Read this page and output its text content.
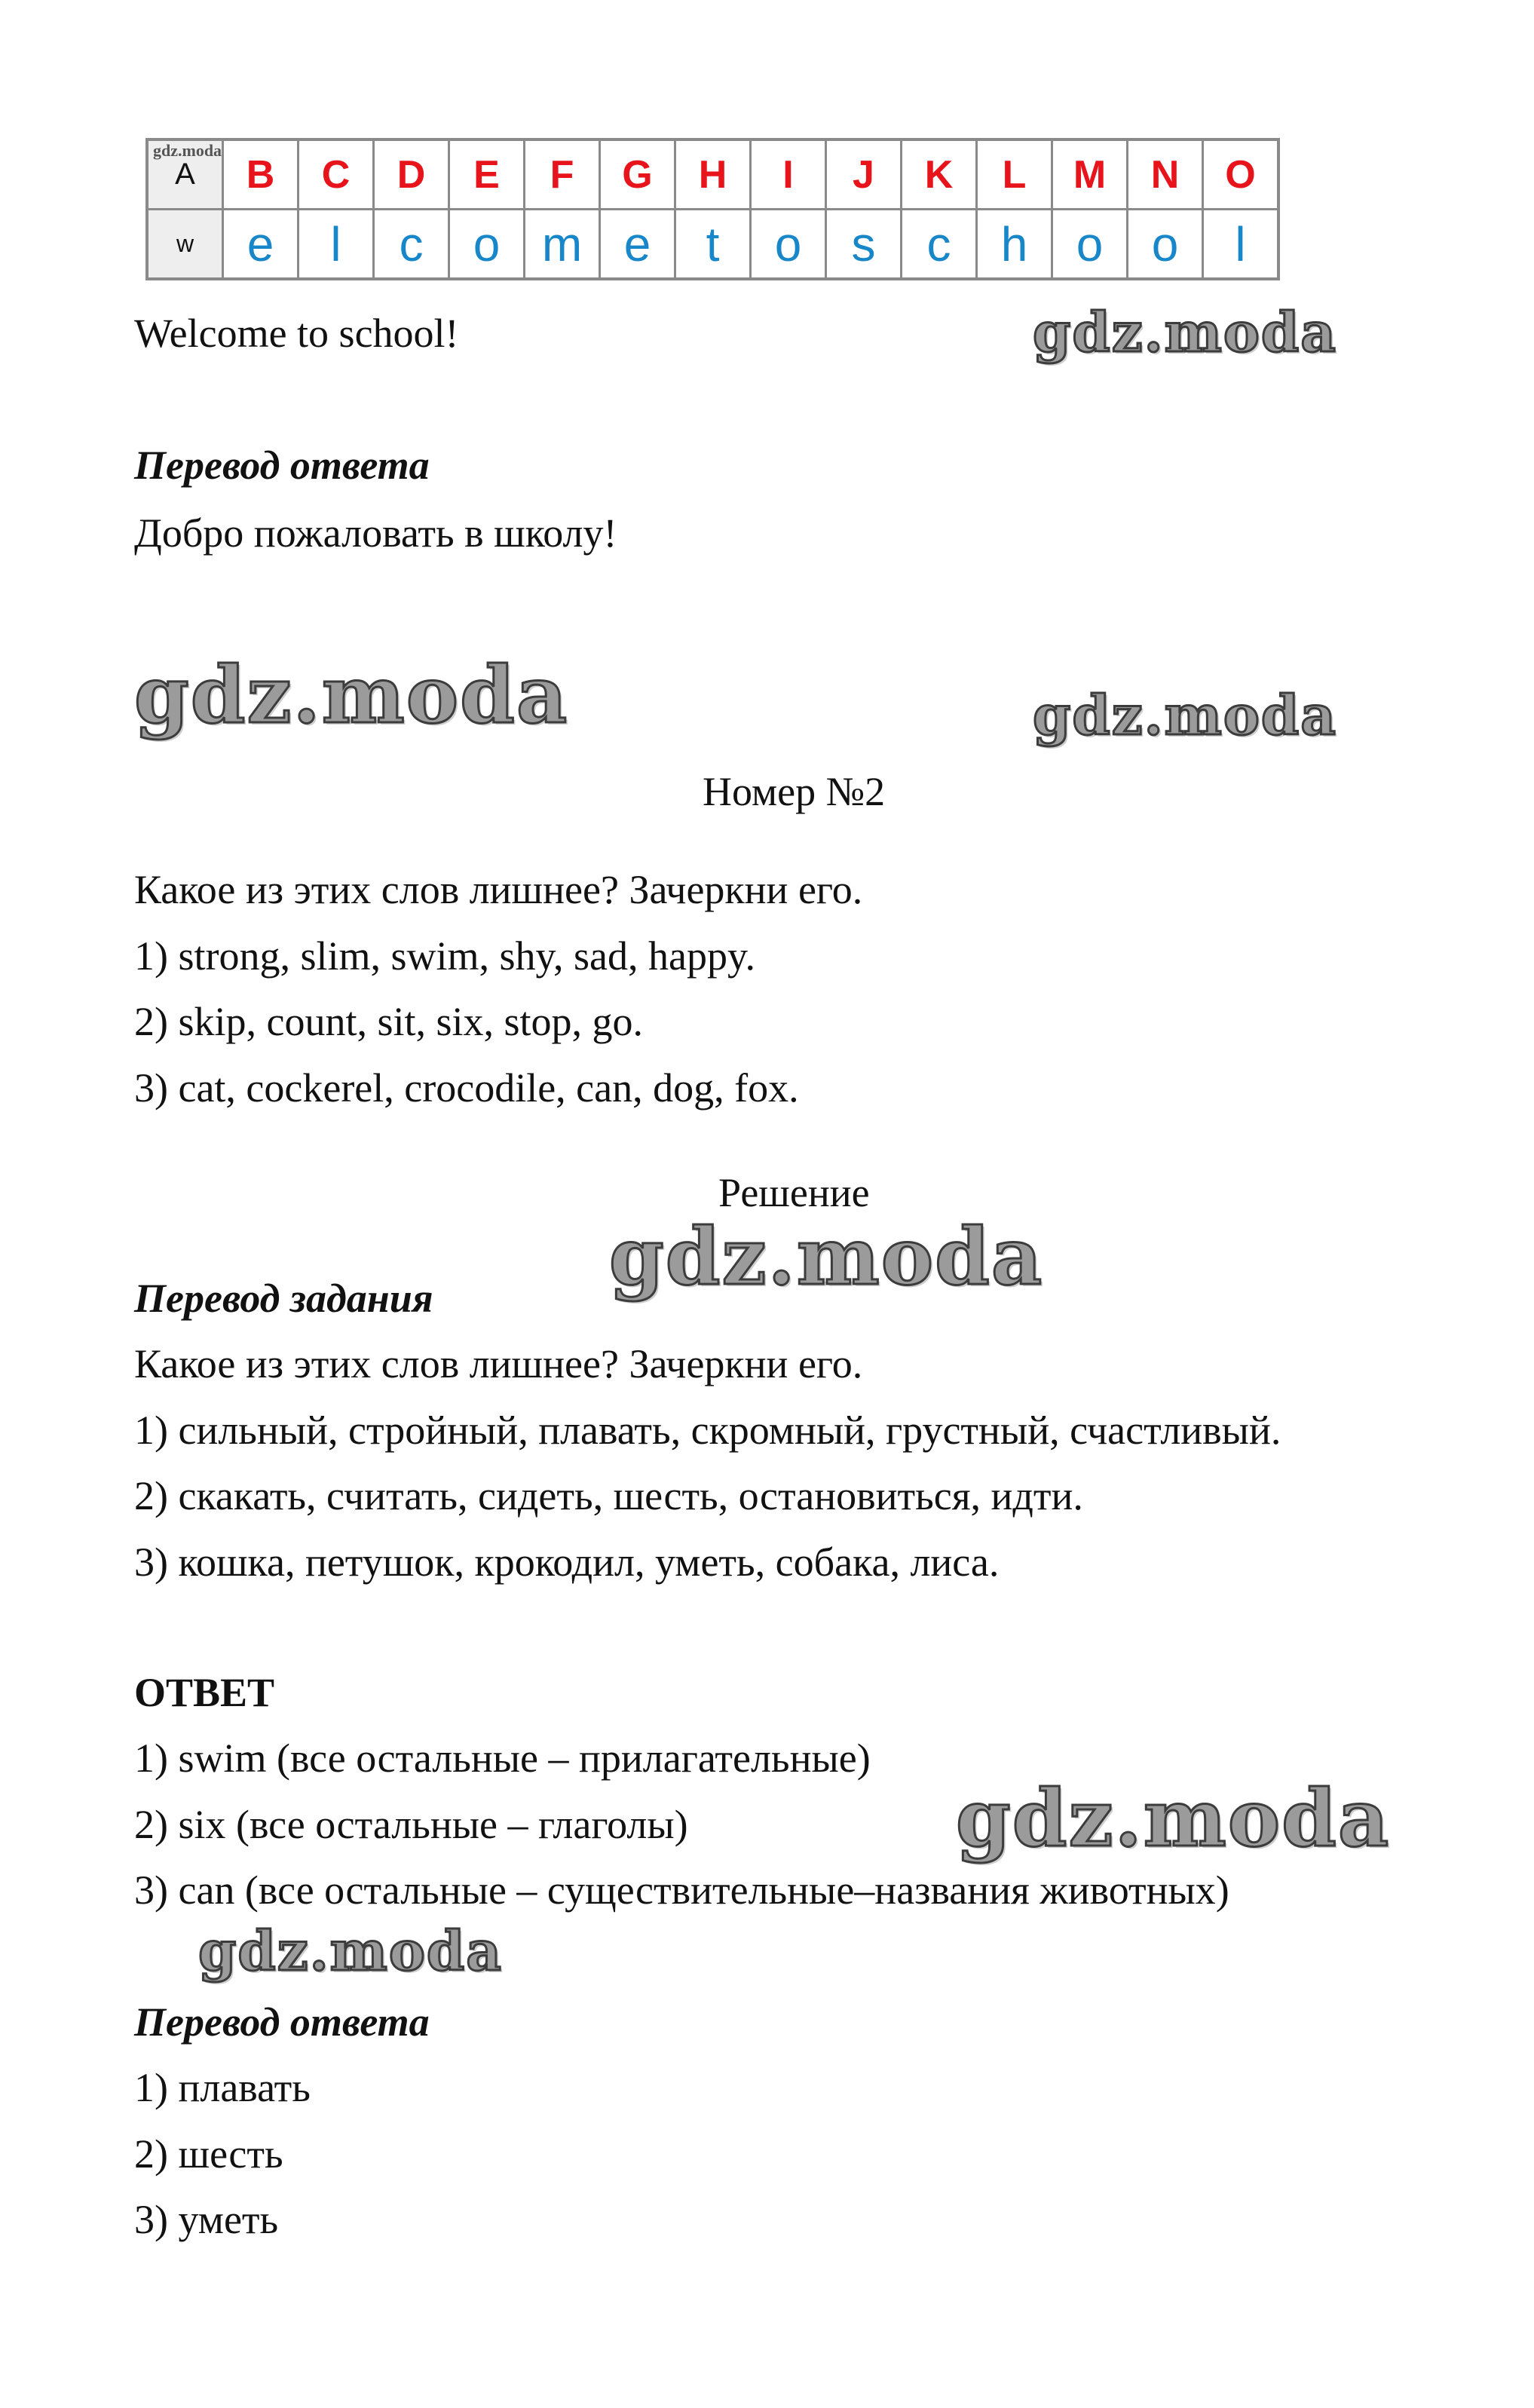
gdz.moda
A	B	C	D	E	F	G	H	I	J	K	L	M	N	O
w	e	l	c	o	m	e	t	o	s	c	h	o	o	l

Welcome to school!

Перевод ответа

Добро пожаловать в школу!

Номер №2

Какое из этих слов лишнее? Зачеркни его.

1) strong, slim, swim, shy, sad, happy.

2) skip, count, sit, six, stop, go.

3) cat, cockerel, crocodile, can, dog, fox.

Решение

Перевод задания

Какое из этих слов лишнее? Зачеркни его.

1) сильный, стройный, плавать, скромный, грустный, счастливый.

2) скакать, считать, сидеть, шесть, остановиться, идти.

3) кошка, петушок, крокодил, уметь, собака, лиса.

ОТВЕТ

1) swim (все остальные – прилагательные)

2) six (все остальные – глаголы)

3) can (все остальные – существительные–названия животных)

Перевод ответа

1) плавать

2) шесть

3) уметь

gdz.moda
gdz.moda	gdz.moda
gdz.moda
gdz.moda
gdz.moda
